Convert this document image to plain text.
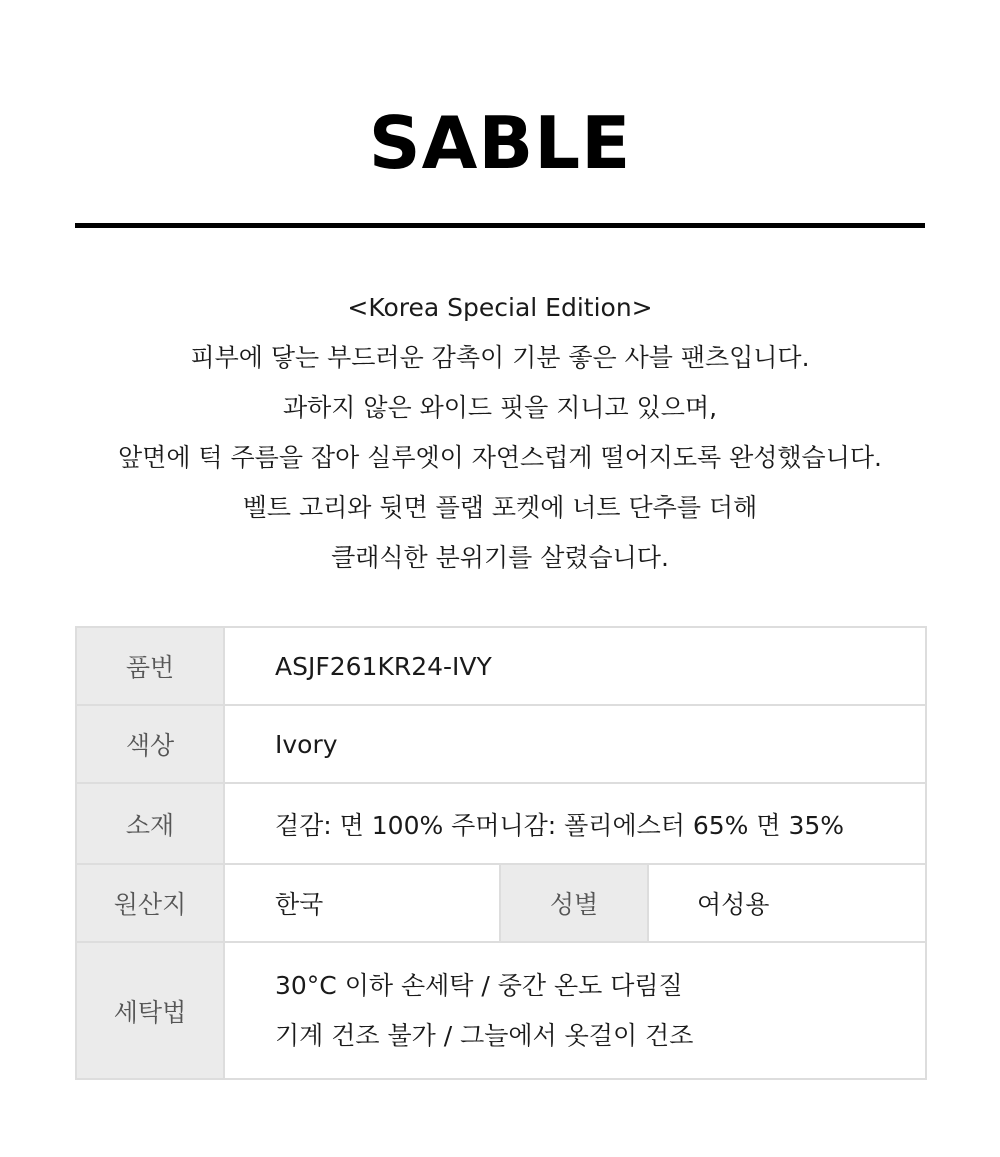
SABLE
<Korea Special Edition>
피부에 닿는 부드러운 감촉이 기분 좋은 사블 팬츠입니다.
과하지 않은 와이드 핏을 지니고 있으며,
앞면에 턱 주름을 잡아 실루엣이 자연스럽게 떨어지도록 완성했습니다.
벨트 고리와 뒷면 플랩 포켓에 너트 단추를 더해
클래식한 분위기를 살렸습니다.
품번	ASJF261KR24-IVY		
색상	Ivory		
소재	겉감: 면 100% 주머니감: 폴리에스터 65% 면 35%		
원산지	한국	성별	여성용
세탁법	30°C 이하 손세탁 / 중간 온도 다림질
기계 건조 불가 / 그늘에서 옷걸이 건조		
